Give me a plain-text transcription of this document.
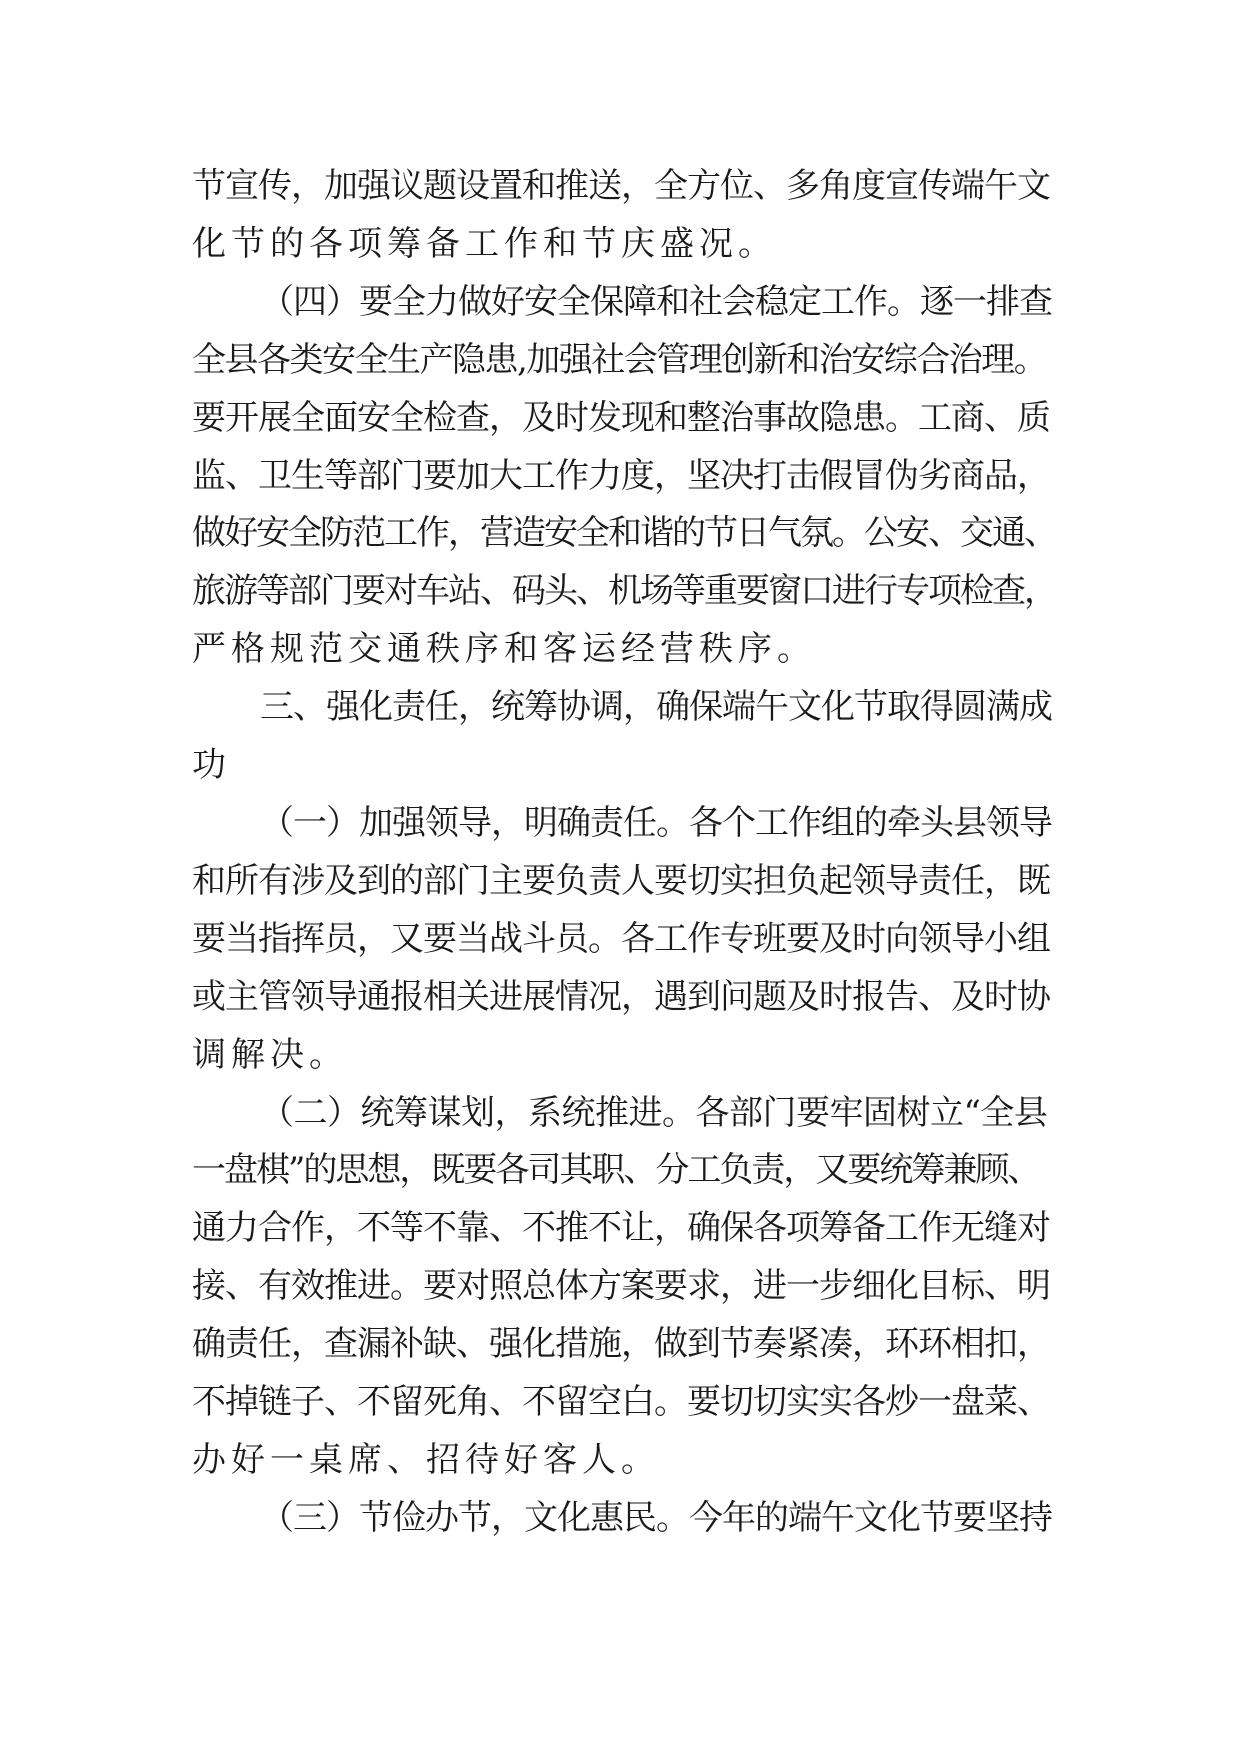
节宣传，加强议题设置和推送，全方位、多角度宣传端午文
化节的各项筹备工作和节庆盛况。
（四）要全力做好安全保障和社会稳定工作。逐一排查
全县各类安全生产隐患,加强社会管理创新和治安综合治理。
要开展全面安全检查，及时发现和整治事故隐患。工商、质
监、卫生等部门要加大工作力度，坚决打击假冒伪劣商品，
做好安全防范工作，营造安全和谐的节日气氛。公安、交通、
旅游等部门要对车站、码头、机场等重要窗口进行专项检查，
严格规范交通秩序和客运经营秩序。
三、强化责任，统筹协调，确保端午文化节取得圆满成
功
（一）加强领导，明确责任。各个工作组的牵头县领导
和所有涉及到的部门主要负责人要切实担负起领导责任，既
要当指挥员，又要当战斗员。各工作专班要及时向领导小组
或主管领导通报相关进展情况，遇到问题及时报告、及时协
调解决。
（二）统筹谋划，系统推进。各部门要牢固树立“全县
一盘棋”的思想，既要各司其职、分工负责，又要统筹兼顾、
通力合作，不等不靠、不推不让，确保各项筹备工作无缝对
接、有效推进。要对照总体方案要求，进一步细化目标、明
确责任，查漏补缺、强化措施，做到节奏紧凑，环环相扣，
不掉链子、不留死角、不留空白。要切切实实各炒一盘菜、
办好一桌席、招待好客人。
（三）节俭办节，文化惠民。今年的端午文化节要坚持
